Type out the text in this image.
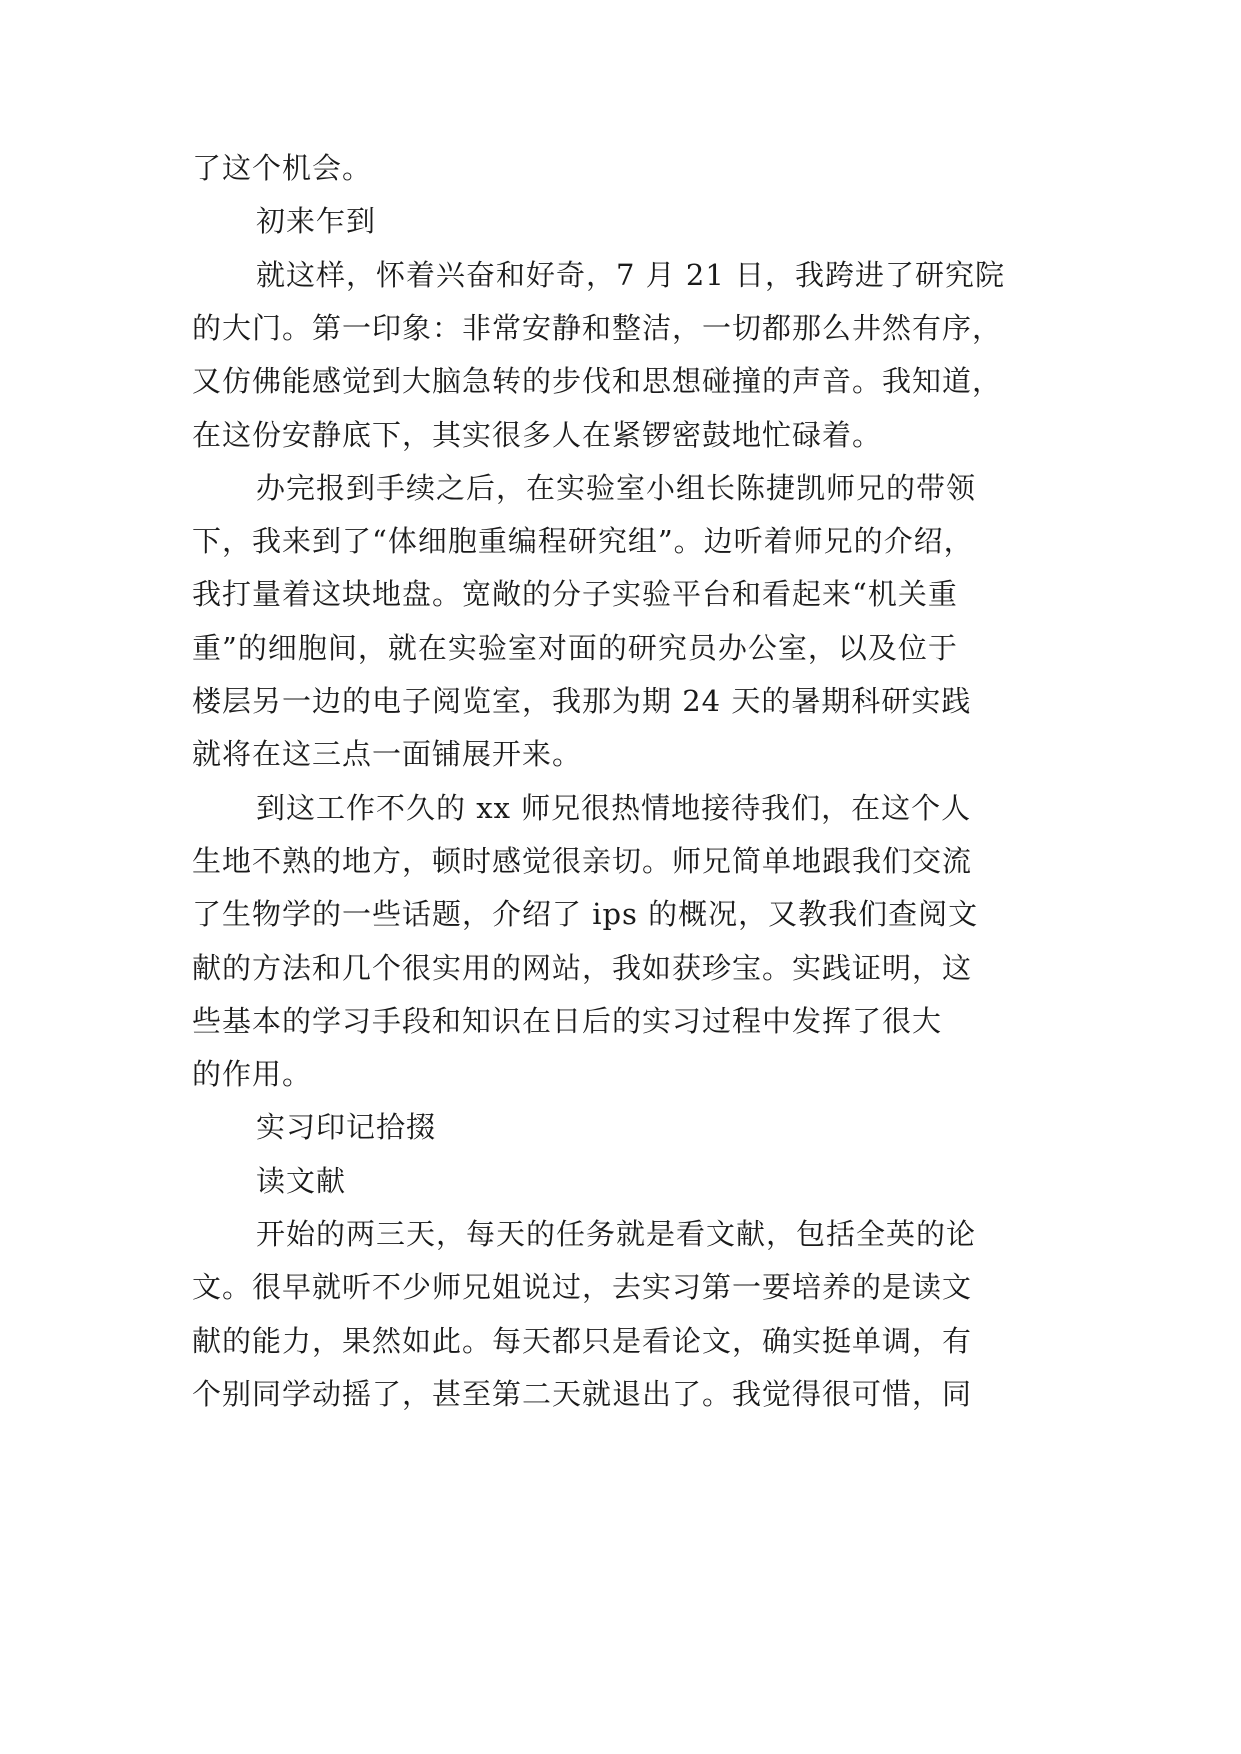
了这个机会。
初来乍到
就这样，怀着兴奋和好奇，7 月 21 日，我跨进了研究院
的大门。第一印象：非常安静和整洁，一切都那么井然有序，
又仿佛能感觉到大脑急转的步伐和思想碰撞的声音。我知道，
在这份安静底下，其实很多人在紧锣密鼓地忙碌着。
办完报到手续之后，在实验室小组长陈捷凯师兄的带领
下，我来到了“体细胞重编程研究组”。边听着师兄的介绍，
我打量着这块地盘。宽敞的分子实验平台和看起来“机关重
重”的细胞间，就在实验室对面的研究员办公室，以及位于
楼层另一边的电子阅览室，我那为期 24 天的暑期科研实践
就将在这三点一面铺展开来。
到这工作不久的 xx 师兄很热情地接待我们，在这个人
生地不熟的地方，顿时感觉很亲切。师兄简单地跟我们交流
了生物学的一些话题，介绍了 ips 的概况，又教我们查阅文
献的方法和几个很实用的网站，我如获珍宝。实践证明，这
些基本的学习手段和知识在日后的实习过程中发挥了很大
的作用。
实习印记拾掇
读文献
开始的两三天，每天的任务就是看文献，包括全英的论
文。很早就听不少师兄姐说过，去实习第一要培养的是读文
献的能力，果然如此。每天都只是看论文，确实挺单调，有
个别同学动摇了，甚至第二天就退出了。我觉得很可惜，同
